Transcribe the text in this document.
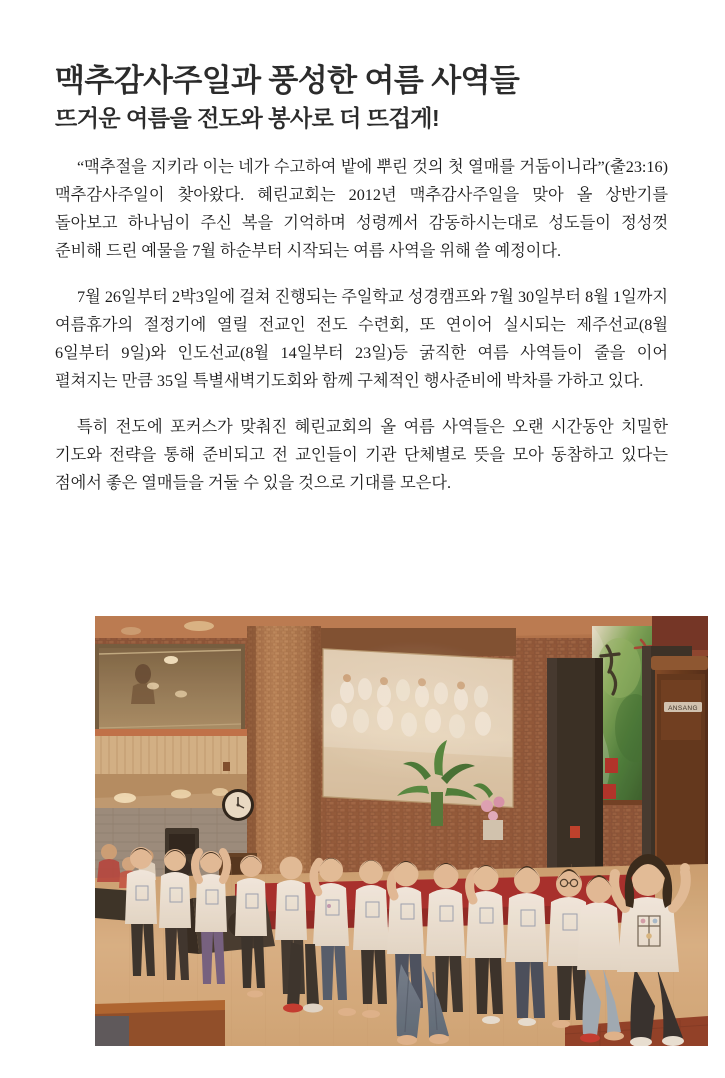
맥추감사주일과 풍성한 여름 사역들
뜨거운 여름을 전도와 봉사로 더 뜨겁게!

“맥추절을 지키라 이는 네가 수고하여 밭에 뿌린 것의 첫 열매를 거둠이니라”(출23:16) 맥추감사주일이 찾아왔다. 혜린교회는 2012년 맥추감사주일을 맞아 올 상반기를 돌아보고 하나님이 주신 복을 기억하며 성령께서 감동하시는대로 성도들이 정성껏 준비해 드린 예물을 7월 하순부터 시작되는 여름 사역을 위해 쓸 예정이다.

7월 26일부터 2박3일에 걸쳐 진행되는 주일학교 성경캠프와 7월 30일부터 8월 1일까지 여름휴가의 절정기에 열릴 전교인 전도 수련회, 또 연이어 실시되는 제주선교(8월 6일부터 9일)와 인도선교(8월 14일부터 23일)등 굵직한 여름 사역들이 줄을 이어 펼쳐지는 만큼 35일 특별새벽기도회와 함께 구체적인 행사준비에 박차를 가하고 있다.

특히 전도에 포커스가 맞춰진 혜린교회의 올 여름 사역들은 오랜 시간동안 치밀한 기도와 전략을 통해 준비되고 전 교인들이 기관 단체별로 뜻을 모아 동참하고 있다는 점에서 좋은 열매들을 거둘 수 있을 것으로 기대를 모은다.

ANSANG
